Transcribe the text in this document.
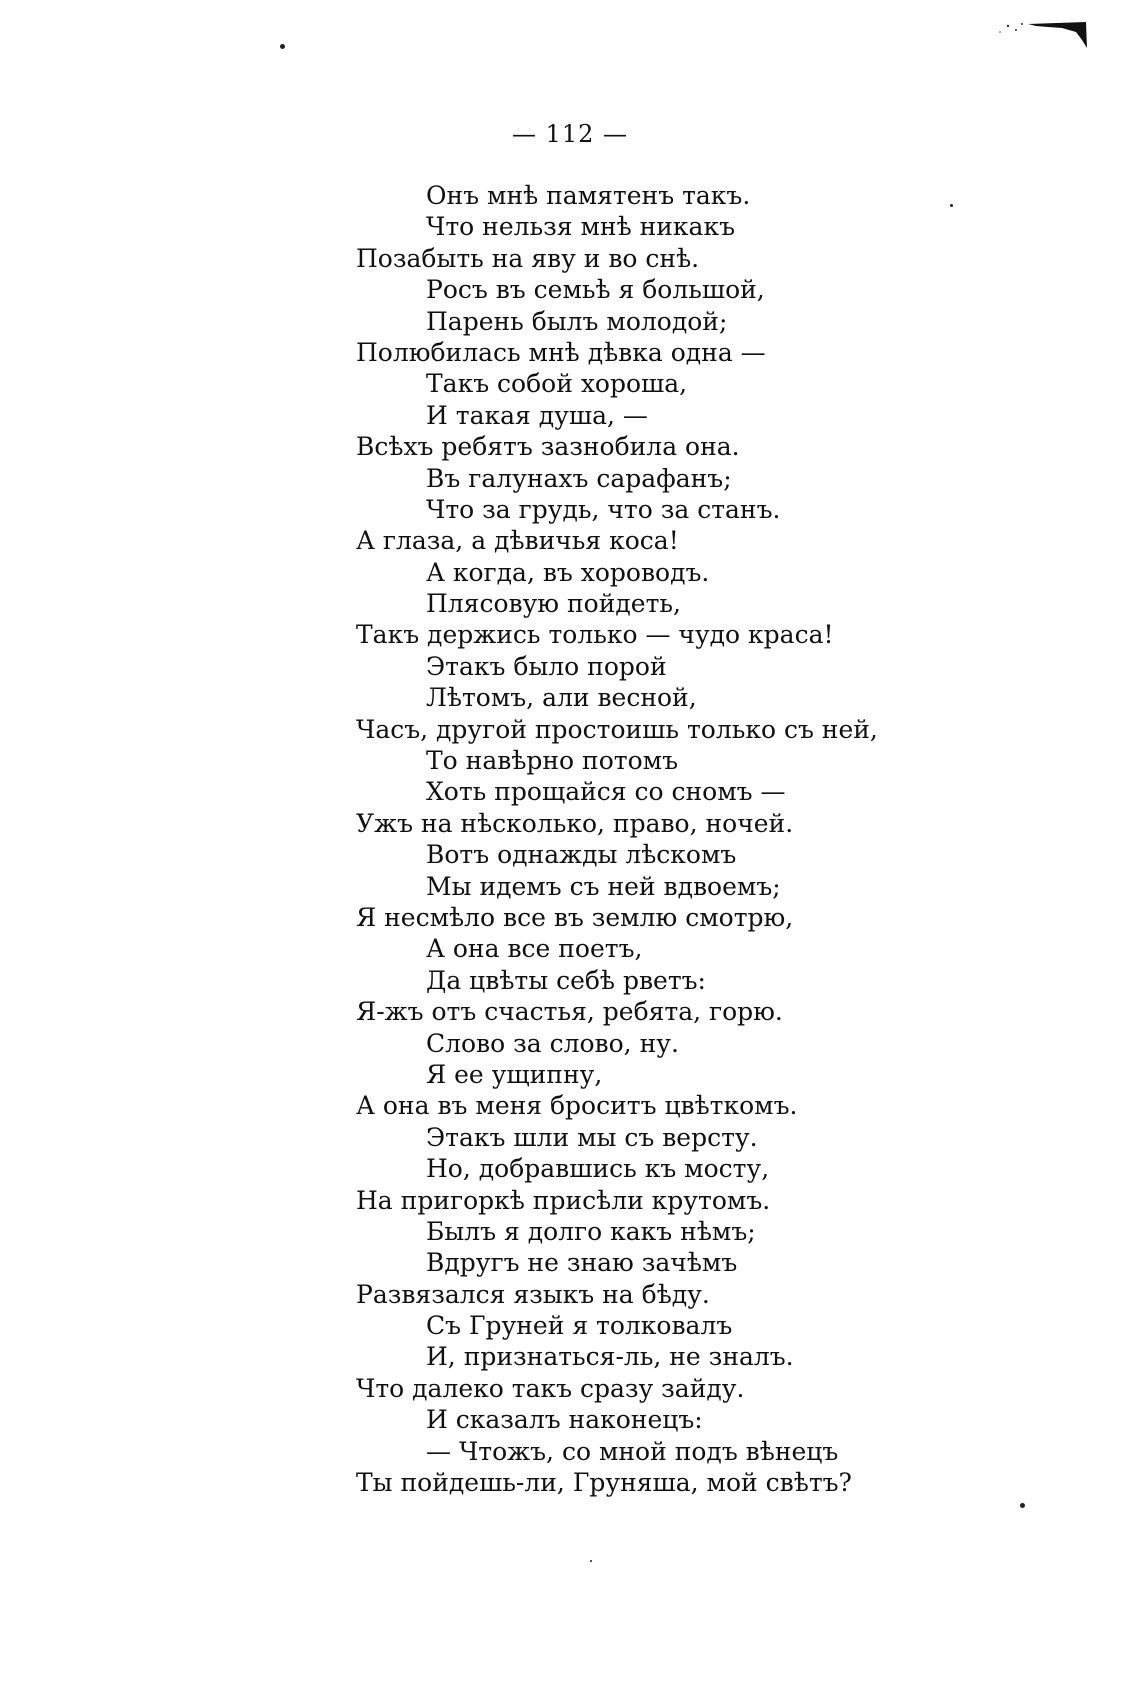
— 112 —
Онъ мнѣ памятенъ такъ.
Что нельзя мнѣ никакъ
Позабыть на яву и во снѣ.
Росъ въ семьѣ я большой,
Парень былъ молодой;
Полюбилась мнѣ дѣвка одна —
Такъ собой хороша,
И такая душа, —
Всѣхъ ребятъ зазнобила она.
Въ галунахъ сарафанъ;
Что за грудь, что за станъ.
А глаза, а дѣвичья коса!
А когда, въ хороводъ.
Плясовую пойдеть,
Такъ держись только — чудо краса!
Этакъ было порой
Лѣтомъ, али весной,
Часъ, другой простоишь только съ ней,
То навѣрно потомъ
Хоть прощайся со сномъ —
Ужъ на нѣсколько, право, ночей.
Вотъ однажды лѣскомъ
Мы идемъ съ ней вдвоемъ;
Я несмѣло все въ землю смотрю,
А она все поетъ,
Да цвѣты себѣ рветъ:
Я-жъ отъ счастья, ребята, горю.
Слово за слово, ну.
Я ее ущипну,
А она въ меня броситъ цвѣткомъ.
Этакъ шли мы съ версту.
Но, добравшись къ мосту,
На пригоркѣ присѣли крутомъ.
Былъ я долго какъ нѣмъ;
Вдругъ не знаю зачѣмъ
Развязался языкъ на бѣду.
Съ Груней я толковалъ
И, признаться-ль, не зналъ.
Что далеко такъ сразу зайду.
И сказалъ наконецъ:
— Чтожъ, со мной подъ вѣнецъ
Ты пойдешь-ли, Груняша, мой свѣтъ?
